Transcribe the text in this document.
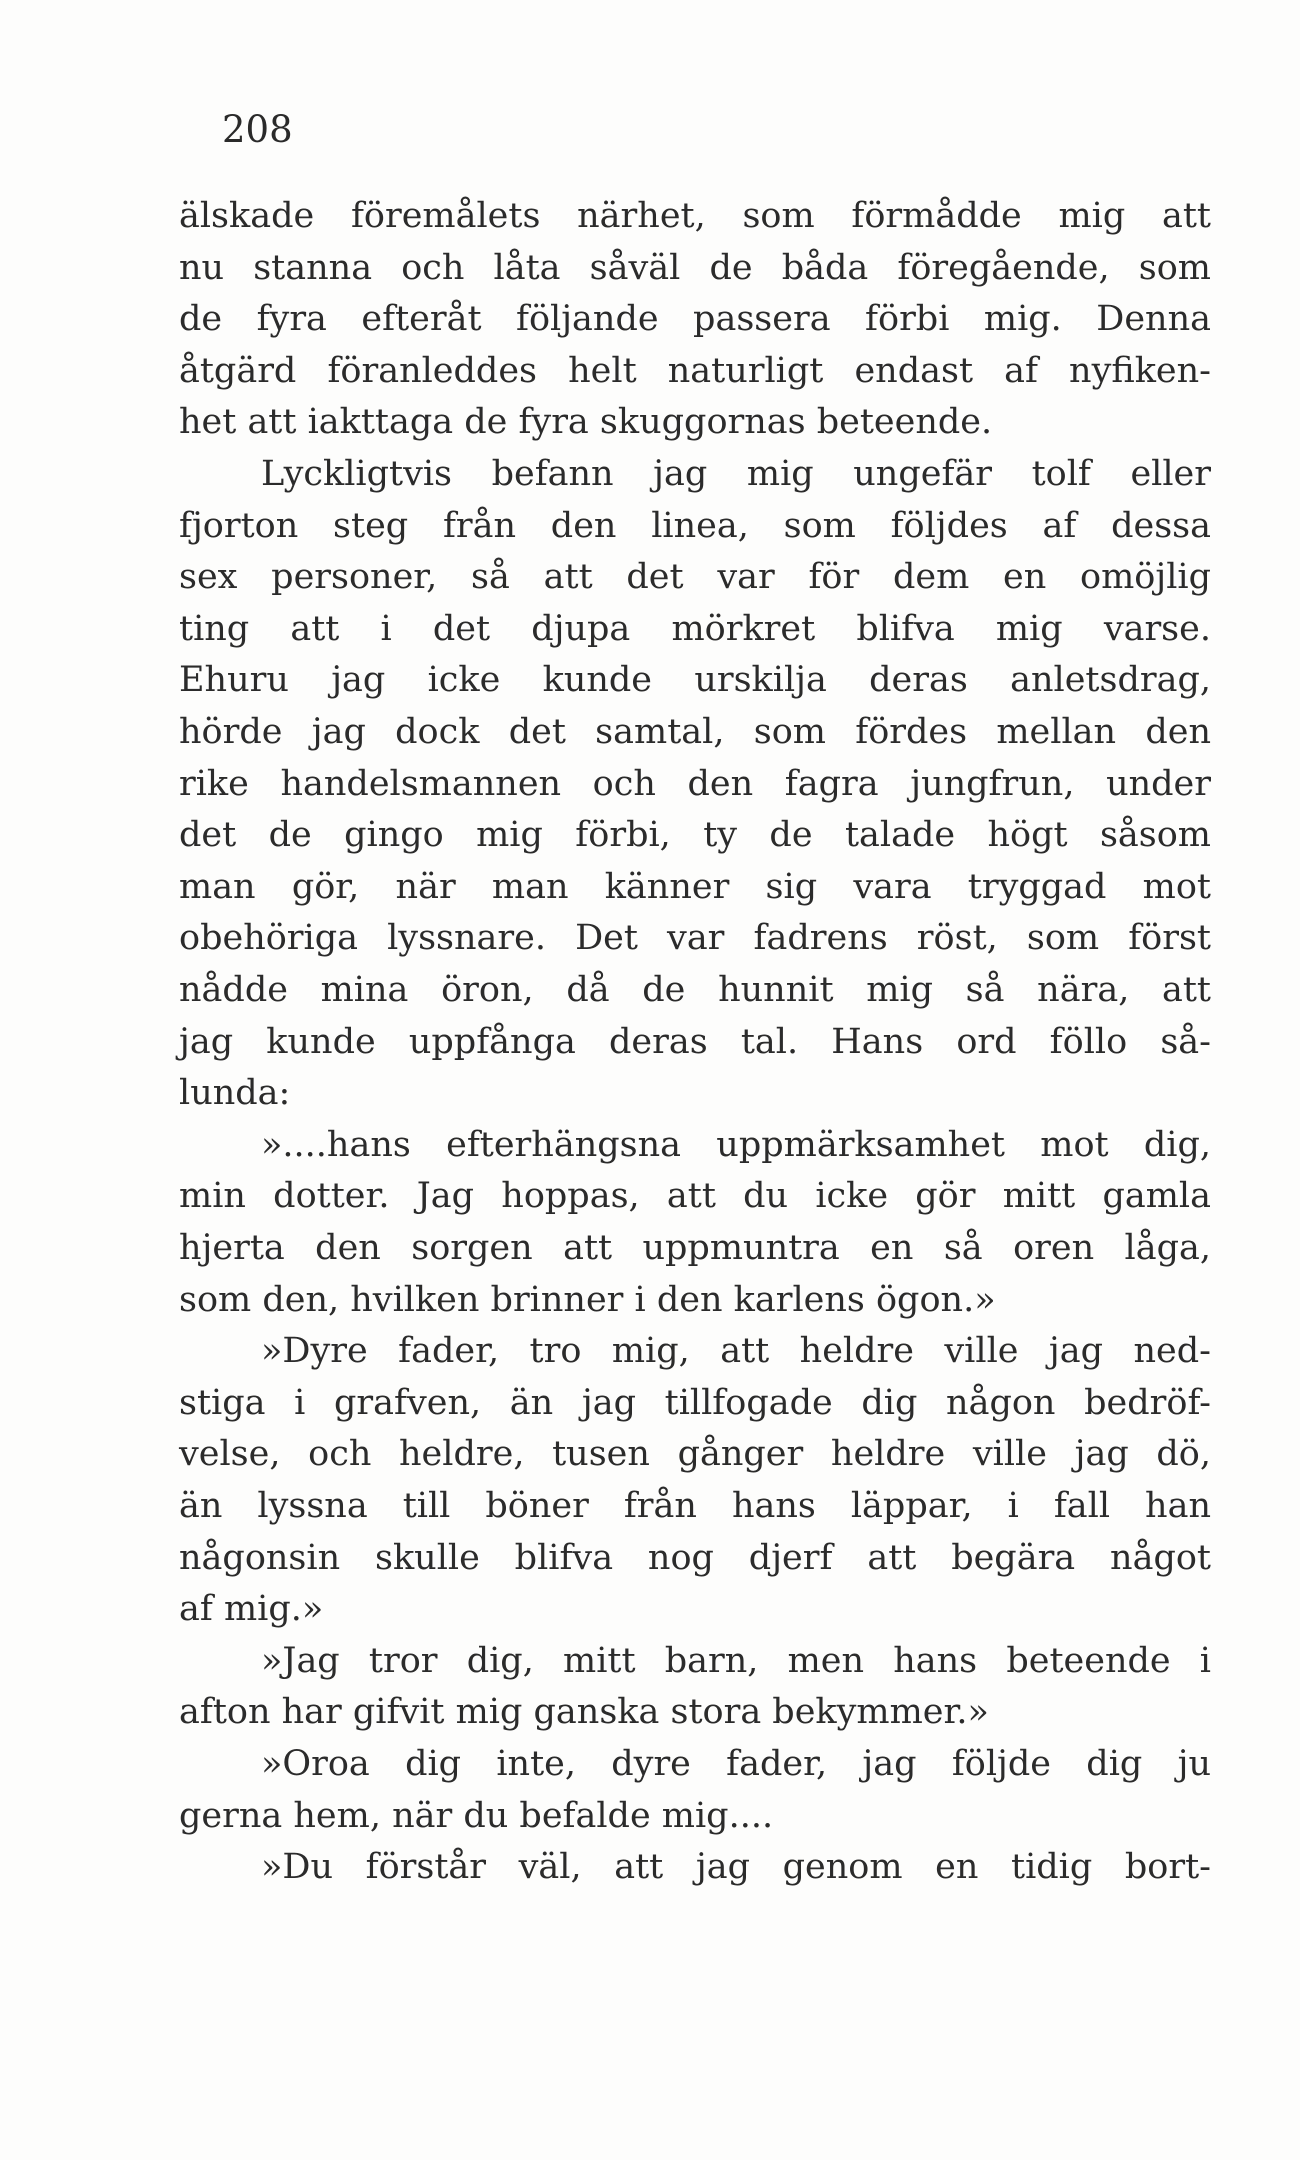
208
älskade föremålets närhet, som förmådde mig att
nu stanna och låta såväl de båda föregående, som
de fyra efteråt följande passera förbi mig. Denna
åtgärd föranleddes helt naturligt endast af nyfiken-
het att iakttaga de fyra skuggornas beteende.
Lyckligtvis befann jag mig ungefär tolf eller
fjorton steg från den linea, som följdes af dessa
sex personer, så att det var för dem en omöjlig
ting att i det djupa mörkret blifva mig varse.
Ehuru jag icke kunde urskilja deras anletsdrag,
hörde jag dock det samtal, som fördes mellan den
rike handelsmannen och den fagra jungfrun, under
det de gingo mig förbi, ty de talade högt såsom
man gör, när man känner sig vara tryggad mot
obehöriga lyssnare. Det var fadrens röst, som först
nådde mina öron, då de hunnit mig så nära, att
jag kunde uppfånga deras tal. Hans ord föllo så-
lunda:
»....hans efterhängsna uppmärksamhet mot dig,
min dotter. Jag hoppas, att du icke gör mitt gamla
hjerta den sorgen att uppmuntra en så oren låga,
som den, hvilken brinner i den karlens ögon.»
»Dyre fader, tro mig, att heldre ville jag ned-
stiga i grafven, än jag tillfogade dig någon bedröf-
velse, och heldre, tusen gånger heldre ville jag dö,
än lyssna till böner från hans läppar, i fall han
någonsin skulle blifva nog djerf att begära något
af mig.»
»Jag tror dig, mitt barn, men hans beteende i
afton har gifvit mig ganska stora bekymmer.»
»Oroa dig inte, dyre fader, jag följde dig ju
gerna hem, när du befalde mig....
»Du förstår väl, att jag genom en tidig bort-
